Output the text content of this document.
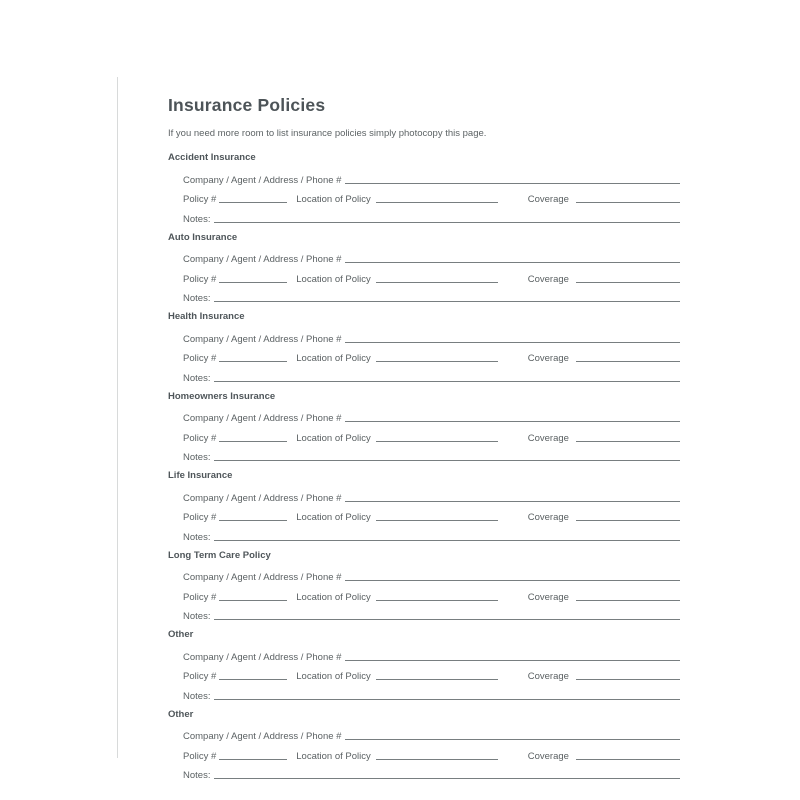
Insurance Policies

If you need more room to list insurance policies simply photocopy this page.

Accident Insurance
Company / Agent / Address / Phone #
Policy #	Location of Policy	Coverage
Notes:
Auto Insurance
Company / Agent / Address / Phone #
Policy #	Location of Policy	Coverage
Notes:
Health Insurance
Company / Agent / Address / Phone #
Policy #	Location of Policy	Coverage
Notes:
Homeowners Insurance
Company / Agent / Address / Phone #
Policy #	Location of Policy	Coverage
Notes:
Life Insurance
Company / Agent / Address / Phone #
Policy #	Location of Policy	Coverage
Notes:
Long Term Care Policy
Company / Agent / Address / Phone #
Policy #	Location of Policy	Coverage
Notes:
Other
Company / Agent / Address / Phone #
Policy #	Location of Policy	Coverage
Notes:
Other
Company / Agent / Address / Phone #
Policy #	Location of Policy	Coverage
Notes:
